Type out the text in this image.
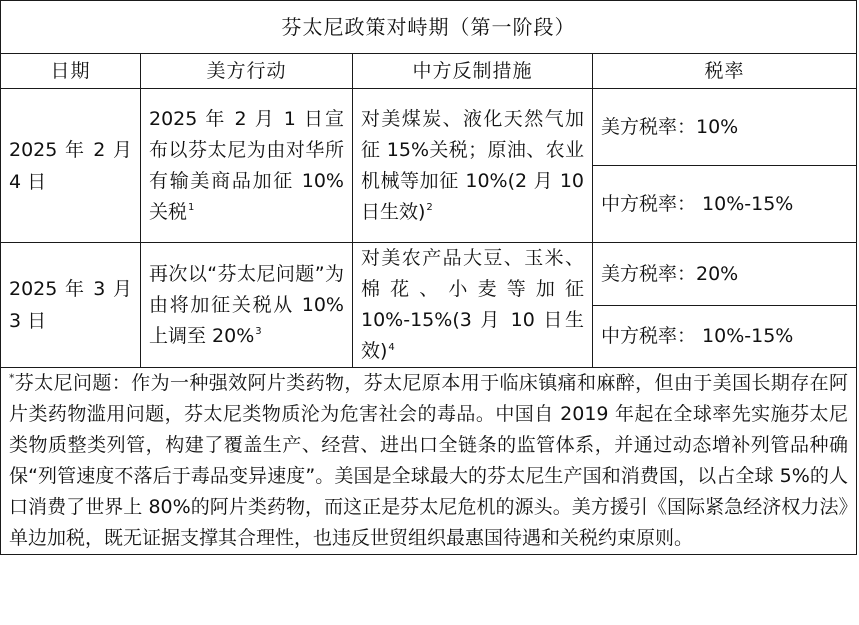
芬太尼政策对峙期（第一阶段）			
日期	美方行动	中方反制措施	税率
2025 年 2 月 4 日	2025 年 2 月 1 日宣布以芬太尼为由对华所有输美商品加征 10%关税$^1$	对美煤炭、液化天然气加征 15%关税；原油、农业机械等加征 10%(2 月 10 日生效)$^2$	美方税率：10%
			中方税率： 10%-15%
2025 年 3 月 3 日	再次以“芬太尼问题”为由将加征关税从 10%上调至 20%$^3$	对美农产品大豆、玉米、棉花、小麦等加征 10%-15%(3 月 10 日生效)$^4$	美方税率：20%
			中方税率： 10%-15%
*芬太尼问题：作为一种强效阿片类药物，芬太尼原本用于临床镇痛和麻醉，但由于美国长期存在阿片类药物滥用问题，芬太尼类物质沦为危害社会的毒品。中国自 2019 年起在全球率先实施芬太尼类物质整类列管，构建了覆盖生产、经营、进出口全链条的监管体系，并通过动态增补列管品种确保“列管速度不落后于毒品变异速度”。美国是全球最大的芬太尼生产国和消费国，以占全球 5%的人口消费了世界上 80%的阿片类药物，而这正是芬太尼危机的源头。美方援引《国际紧急经济权力法》单边加税，既无证据支撑其合理性，也违反世贸组织最惠国待遇和关税约束原则。			
